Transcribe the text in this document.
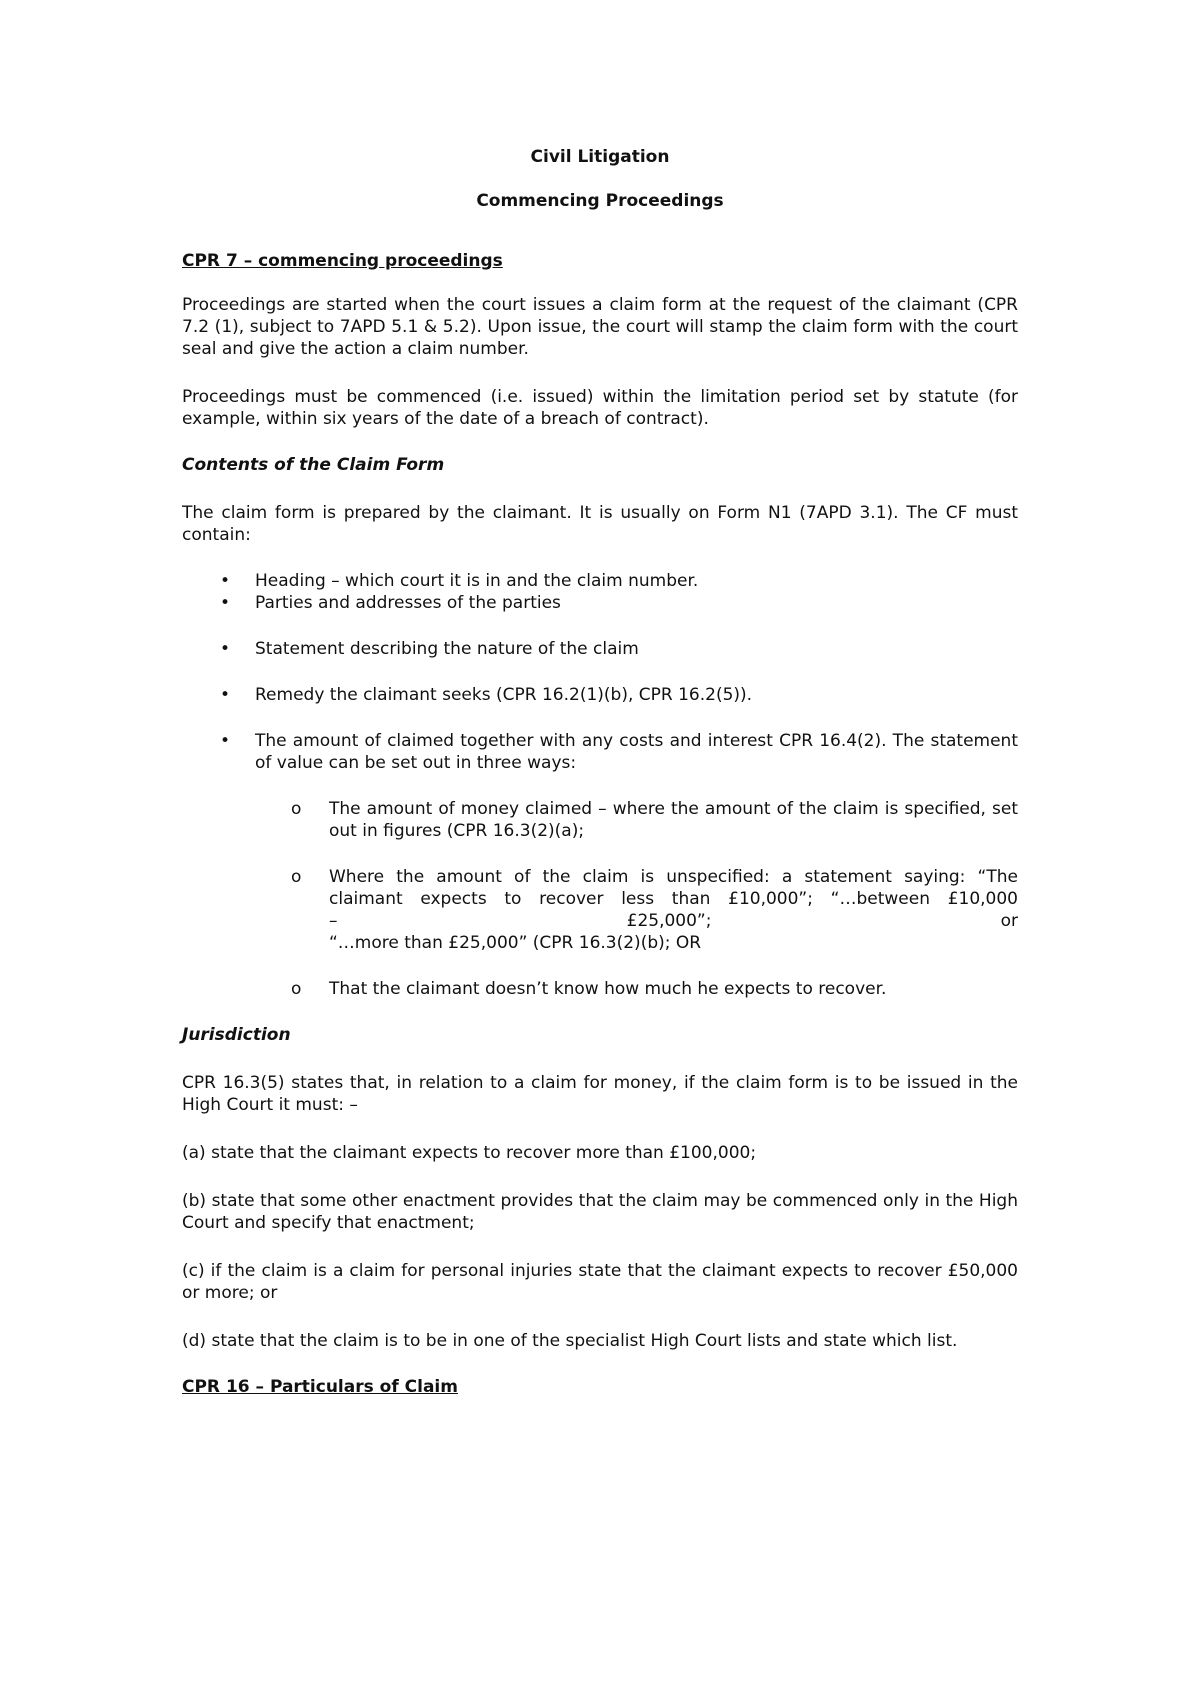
Civil Litigation
Commencing Proceedings
CPR 7 – commencing proceedings

Proceedings are started when the court issues a claim form at the request of the claimant (CPR 7.2 (1), subject to 7APD 5.1 & 5.2). Upon issue, the court will stamp the claim form with the court seal and give the action a claim number.

Proceedings must be commenced (i.e. issued) within the limitation period set by statute (for example, within six years of the date of a breach of contract).

Contents of the Claim Form

The claim form is prepared by the claimant. It is usually on Form N1 (7APD 3.1). The CF must contain:

• Heading – which court it is in and the claim number.
• Parties and addresses of the parties
• Statement describing the nature of the claim
• Remedy the claimant seeks (CPR 16.2(1)(b), CPR 16.2(5)).
• The amount of claimed together with any costs and interest CPR 16.4(2). The statement of value can be set out in three ways:
o The amount of money claimed – where the amount of the claim is specified, set out in figures (CPR 16.3(2)(a);
o Where the amount of the claim is unspecified: a statement saying: “The claimant expects to recover less than £10,000”; “…between £10,000
– £25,000”; or
“…more than £25,000” (CPR 16.3(2)(b); OR
o That the claimant doesn’t know how much he expects to recover.
Jurisdiction

CPR 16.3(5) states that, in relation to a claim for money, if the claim form is to be issued in the High Court it must: –

(a) state that the claimant expects to recover more than £100,000;

(b) state that some other enactment provides that the claim may be commenced only in the High Court and specify that enactment;

(c) if the claim is a claim for personal injuries state that the claimant expects to recover £50,000 or more; or

(d) state that the claim is to be in one of the specialist High Court lists and state which list.

CPR 16 – Particulars of Claim
